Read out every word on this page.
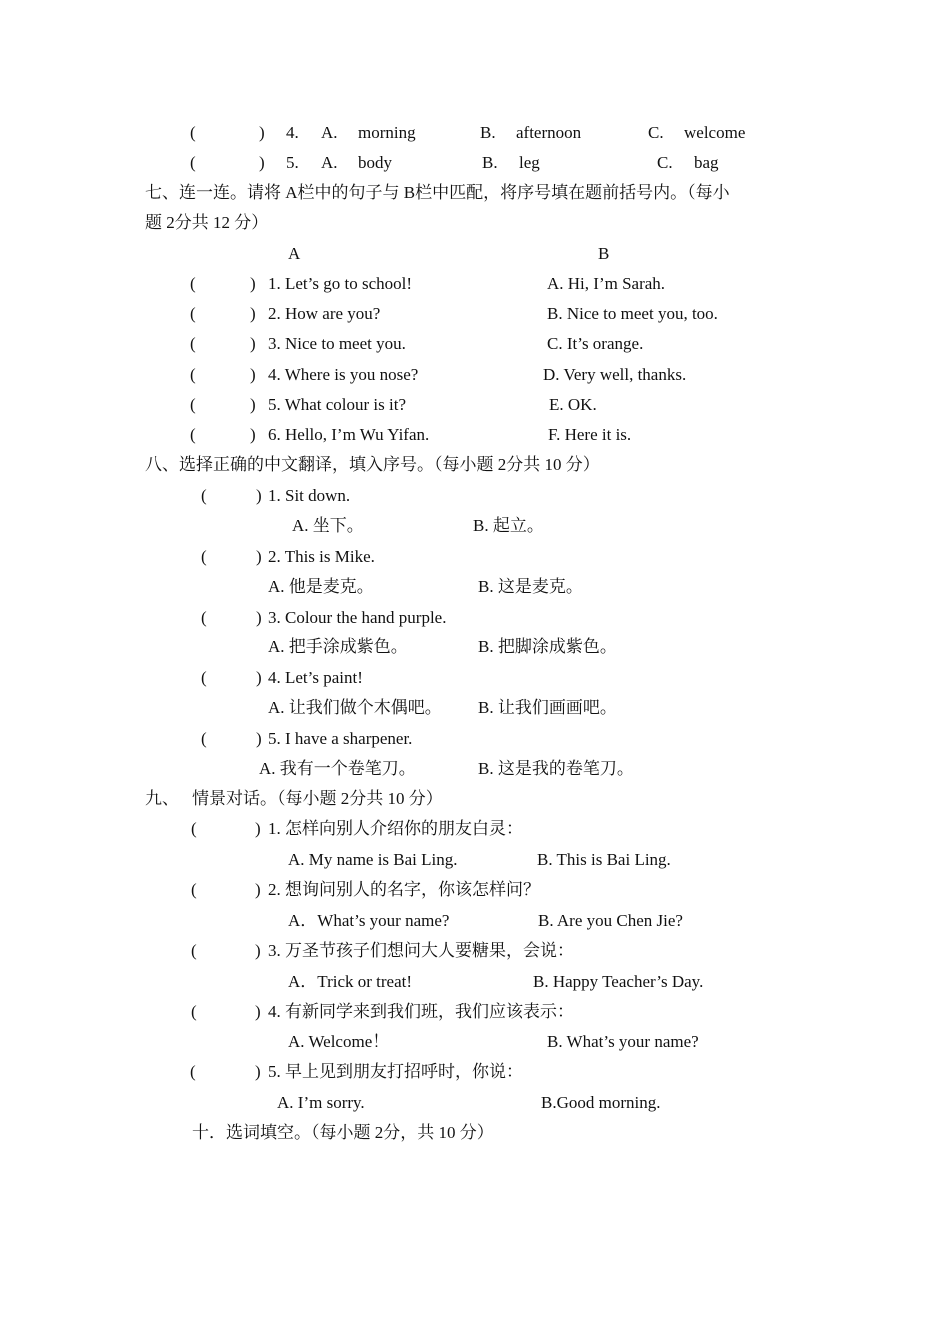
(	) 4. A. morning	B. afternoon	C. welcome
(	) 5. A. body	B. leg	C. bag
七、连一连。请将 A栏中的句子与 B栏中匹配，将序号填在题前括号内。（每小
题 2分共 12 分）
A	B
(	) 1. Let’s go to school!	A. Hi, I’m Sarah.
(	) 2. How are you?	B. Nice to meet you, too.
(	) 3. Nice to meet you.	C. It’s orange.
(	) 4. Where is you nose?	D. Very well, thanks.
(	) 5. What colour is it?	E. OK.
(	) 6. Hello, I’m Wu Yifan.	F. Here it is.
八、选择正确的中文翻译，填入序号。（每小题 2分共 10 分）
(	) 1. Sit down.
A. 坐下。	B. 起立。
(	) 2. This is Mike.
A. 他是麦克。	B. 这是麦克。
(	) 3. Colour the hand purple.
A. 把手涂成紫色。	B. 把脚涂成紫色。
(	) 4. Let’s paint!
A. 让我们做个木偶吧。 B. 让我们画画吧。
(	) 5. I have a sharpener.
A. 我有一个卷笔刀。	B. 这是我的卷笔刀。
九、 情景对话。（每小题 2分共 10 分）
(	) 1. 怎样向别人介绍你的朋友白灵：
A. My name is Bai Ling.	B. This is Bai Ling.
(	) 2. 想询问别人的名字，你该怎样问？
A．What’s your name?	B. Are you Chen Jie?
(	) 3. 万圣节孩子们想问大人要糖果，会说：
A．Trick or treat!	B. Happy Teacher’s Day.
(	) 4. 有新同学来到我们班，我们应该表示：
A. Welcome！	B. What’s your name?
(	) 5. 早上见到朋友打招呼时，你说：
A. I’m sorry.	B.Good morning.
十．选词填空。（每小题 2分，共 10 分）
